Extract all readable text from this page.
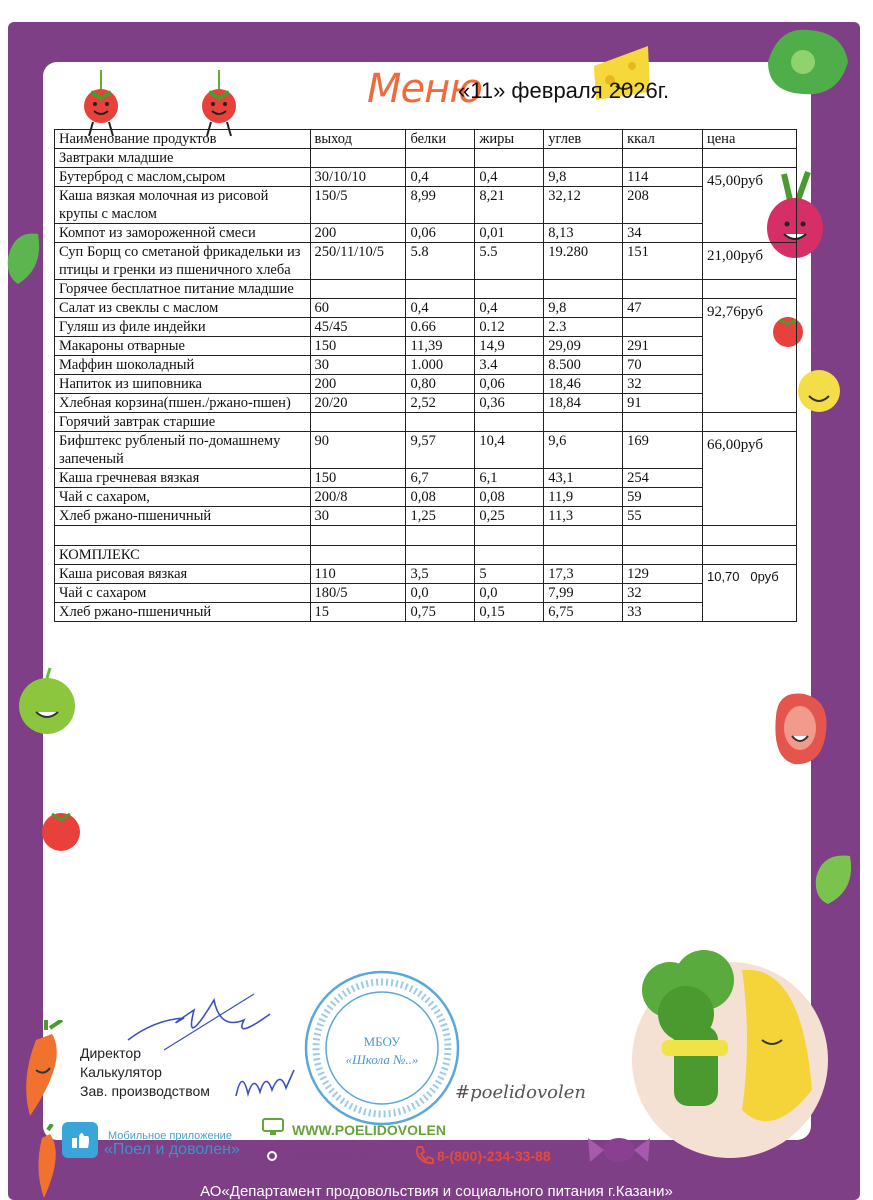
Меню
«11» февраля 2026г.
Наименование продуктов	выход	белки	жиры	углев	ккал	цена
Завтраки младшие						
Бутерброд с маслом,сыром	30/10/10	0,4	0,4	9,8	114	45,00руб
Каша вязкая молочная из рисовой крупы с маслом	150/5	8,99	8,21	32,12	208	
Компот из замороженной смеси	200	0,06	0,01	8,13	34	
Суп Борщ со сметаной фрикадельки из птицы и гренки из пшеничного хлеба	250/11/10/5	5.8	5.5	19.280	151	21,00руб
Горячее бесплатное питание младшие						
Салат из свеклы с маслом	60	0,4	0,4	9,8	47	92,76руб
Гуляш из филе индейки	45/45	0.66	0.12	2.3		
Макароны отварные	150	11,39	14,9	29,09	291	
Маффин шоколадный	30	1.000	3.4	8.500	70	
Напиток из шиповника	200	0,80	0,06	18,46	32	
Хлебная корзина(пшен./ржано-пшен)	20/20	2,52	0,36	18,84	91	
Горячий завтрак старшие						
Бифштекс рубленый по-домашнему запеченый	90	9,57	10,4	9,6	169	66,00руб
Каша гречневая вязкая	150	6,7	6,1	43,1	254	
Чай с сахаром,	200/8	0,08	0,08	11,9	59	
Хлеб ржано-пшеничный	30	1,25	0,25	11,3	55	

КОМПЛЕКС						
Каша рисовая вязкая	110	3,5	5	17,3	129	10,70   0руб
Чай с сахаром	180/5	0,0	0,0	7,99	32	
Хлеб ржано-пшеничный	15	0,75	0,15	6,75	33	
МБОУ
«Школа №..»
Директор
Калькулятор
Зав. производством	#poelidovolen
Мобильное приложение
«Поел и доволен»
WWW.POELIDOVOLEN
@depta.kzn	8-(800)-234-33-88
АО«Департамент продовольствия и социального питания г.Казани»
